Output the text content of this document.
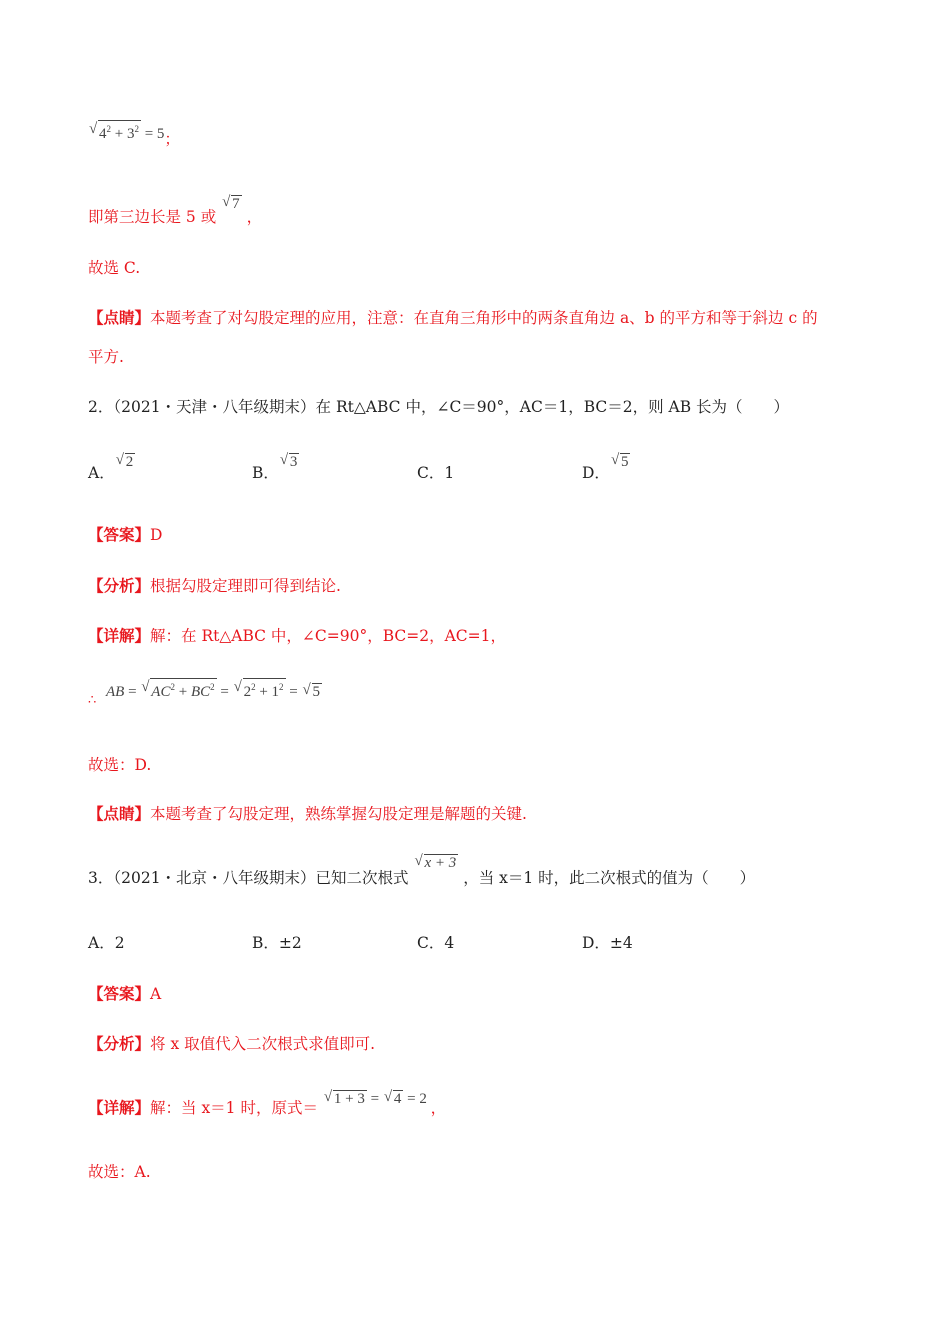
√ $4^2 + 3^2 = 5$；
即第三边长是 5 或
√ 7 ，
故选 C.
【点睛】本题考查了对勾股定理的应用，注意：在直角三角形中的两条直角边 a、b 的平方和等于斜边 c 的
平方.
2．（2021・天津・八年级期末）在 Rt△ABC 中，∠C＝90°，AC＝1，BC＝2，则 AB 长为（　　）
A．
√ 2
B．
√ 3
C．1	D．
√ 5
【答案】D
【分析】根据勾股定理即可得到结论.
【详解】解：在 Rt△ABC 中，∠C=90°，BC=2，AC=1，
∴
AB = √ $AC^2 + BC^2$ = √ $2^2 + 1^2$ = √ 5
故选：D.
【点睛】本题考查了勾股定理，熟练掌握勾股定理是解题的关键.
3．（2021・北京・八年级期末）已知二次根式
√ x + 3 ，当 x＝1 时，此二次根式的值为（　　）
A．2	B．±2	C．4	D．±4
【答案】A
【分析】将 x 取值代入二次根式求值即可.
【详解】解：当 x＝1 时，原式＝
√ 1 + 3 = √ 4 = 2 ，
故选：A.
